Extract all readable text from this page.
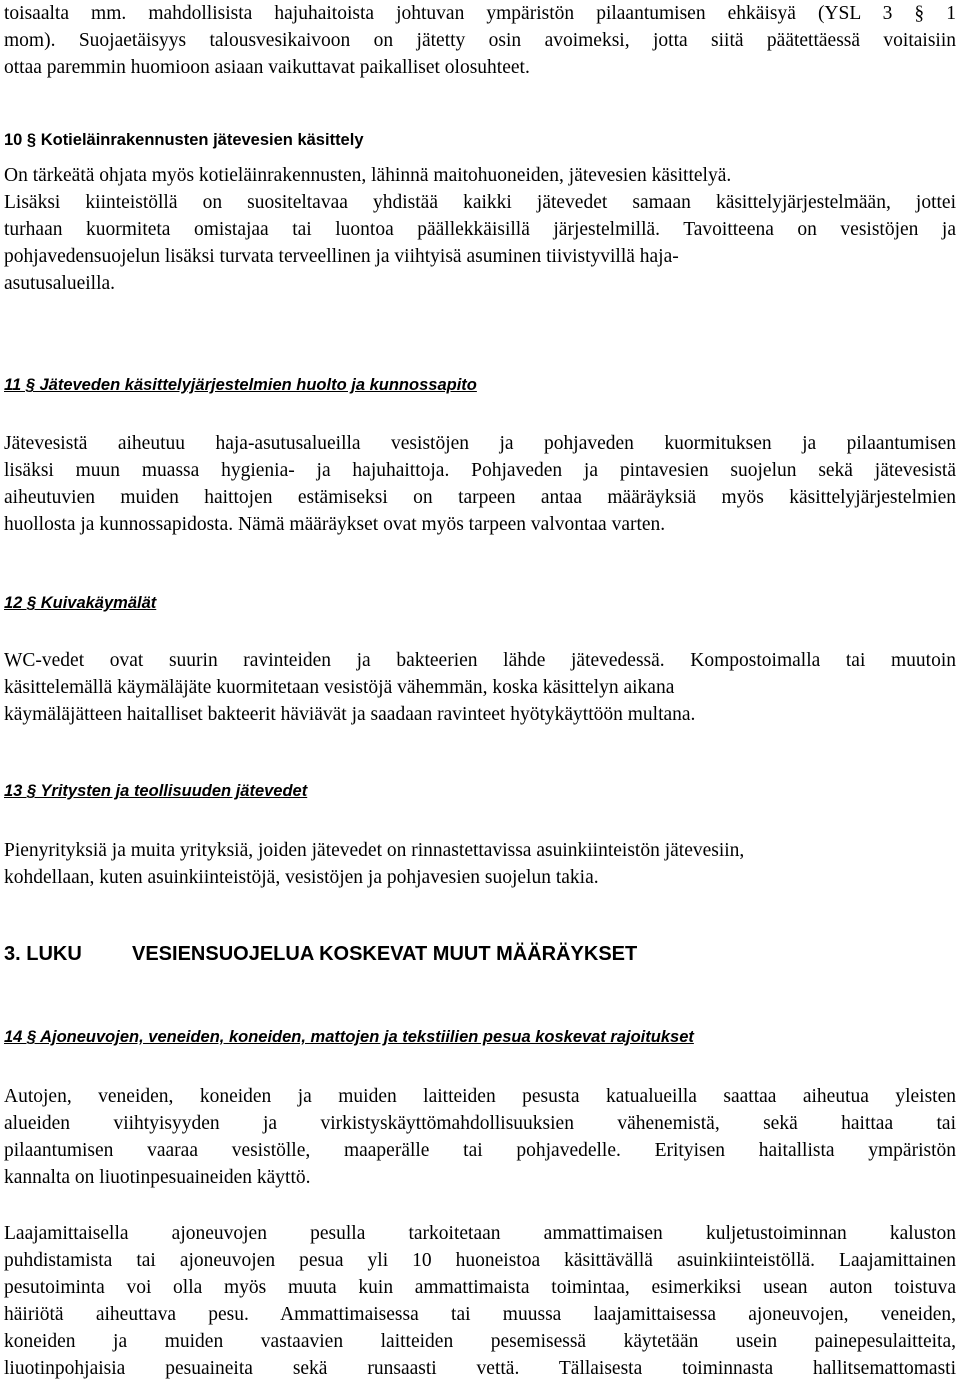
toisaalta mm. mahdollisista hajuhaitoista johtuvan ympäristön pilaantumisen ehkäisyä (YSL 3 § 1
mom). Suojaetäisyys talousvesikaivoon on jätetty osin avoimeksi, jotta siitä päätettäessä voitaisiin
ottaa paremmin huomioon asiaan vaikuttavat paikalliset olosuhteet.

10 § Kotieläinrakennusten jätevesien käsittely

On tärkeätä ohjata myös kotieläinrakennusten, lähinnä maitohuoneiden, jätevesien käsittelyä.
Lisäksi kiinteistöllä on suositeltavaa yhdistää kaikki jätevedet samaan käsittelyjärjestelmään, jottei
turhaan kuormiteta omistajaa tai luontoa päällekkäisillä järjestelmillä. Tavoitteena on vesistöjen ja
pohjavedensuojelun lisäksi turvata terveellinen ja viihtyisä asuminen tiivistyvillä haja-
asutusalueilla.

11 § Jäteveden käsittelyjärjestelmien huolto ja kunnossapito

Jätevesistä aiheutuu haja-asutusalueilla vesistöjen ja pohjaveden kuormituksen ja pilaantumisen
lisäksi muun muassa hygienia- ja hajuhaittoja. Pohjaveden ja pintavesien suojelun sekä jätevesistä
aiheutuvien muiden haittojen estämiseksi on tarpeen antaa määräyksiä myös käsittelyjärjestelmien
huollosta ja kunnossapidosta. Nämä määräykset ovat myös tarpeen valvontaa varten.

12 § Kuivakäymälät

WC-vedet ovat suurin ravinteiden ja bakteerien lähde jätevedessä. Kompostoimalla tai muutoin
käsittelemällä käymäläjäte kuormitetaan vesistöjä vähemmän, koska käsittelyn aikana
käymäläjätteen haitalliset bakteerit häviävät ja saadaan ravinteet hyötykäyttöön multana.

13 § Yritysten ja teollisuuden jätevedet

Pienyrityksiä ja muita yrityksiä, joiden jätevedet on rinnastettavissa asuinkiinteistön jätevesiin,
kohdellaan, kuten asuinkiinteistöjä, vesistöjen ja pohjavesien suojelun takia.

3. LUKU	VESIENSUOJELUA KOSKEVAT MUUT MÄÄRÄYKSET

14 § Ajoneuvojen, veneiden, koneiden, mattojen ja tekstiilien pesua koskevat rajoitukset

Autojen, veneiden, koneiden ja muiden laitteiden pesusta katualueilla saattaa aiheutua yleisten
alueiden viihtyisyyden ja virkistyskäyttömahdollisuuksien vähenemistä, sekä haittaa tai
pilaantumisen vaaraa vesistölle, maaperälle tai pohjavedelle. Erityisen haitallista ympäristön
kannalta on liuotinpesuaineiden käyttö.

Laajamittaisella ajoneuvojen pesulla tarkoitetaan ammattimaisen kuljetustoiminnan kaluston
puhdistamista tai ajoneuvojen pesua yli 10 huoneistoa käsittävällä asuinkiinteistöllä. Laajamittainen
pesutoiminta voi olla myös muuta kuin ammattimaista toimintaa, esimerkiksi usean auton toistuva
häiriötä aiheuttava pesu. Ammattimaisessa tai muussa laajamittaisessa ajoneuvojen, veneiden,
koneiden ja muiden vastaavien laitteiden pesemisessä käytetään usein painepesulaitteita,
liuotinpohjaisia pesuaineita sekä runsaasti vettä. Tällaisesta toiminnasta hallitsemattomasti
